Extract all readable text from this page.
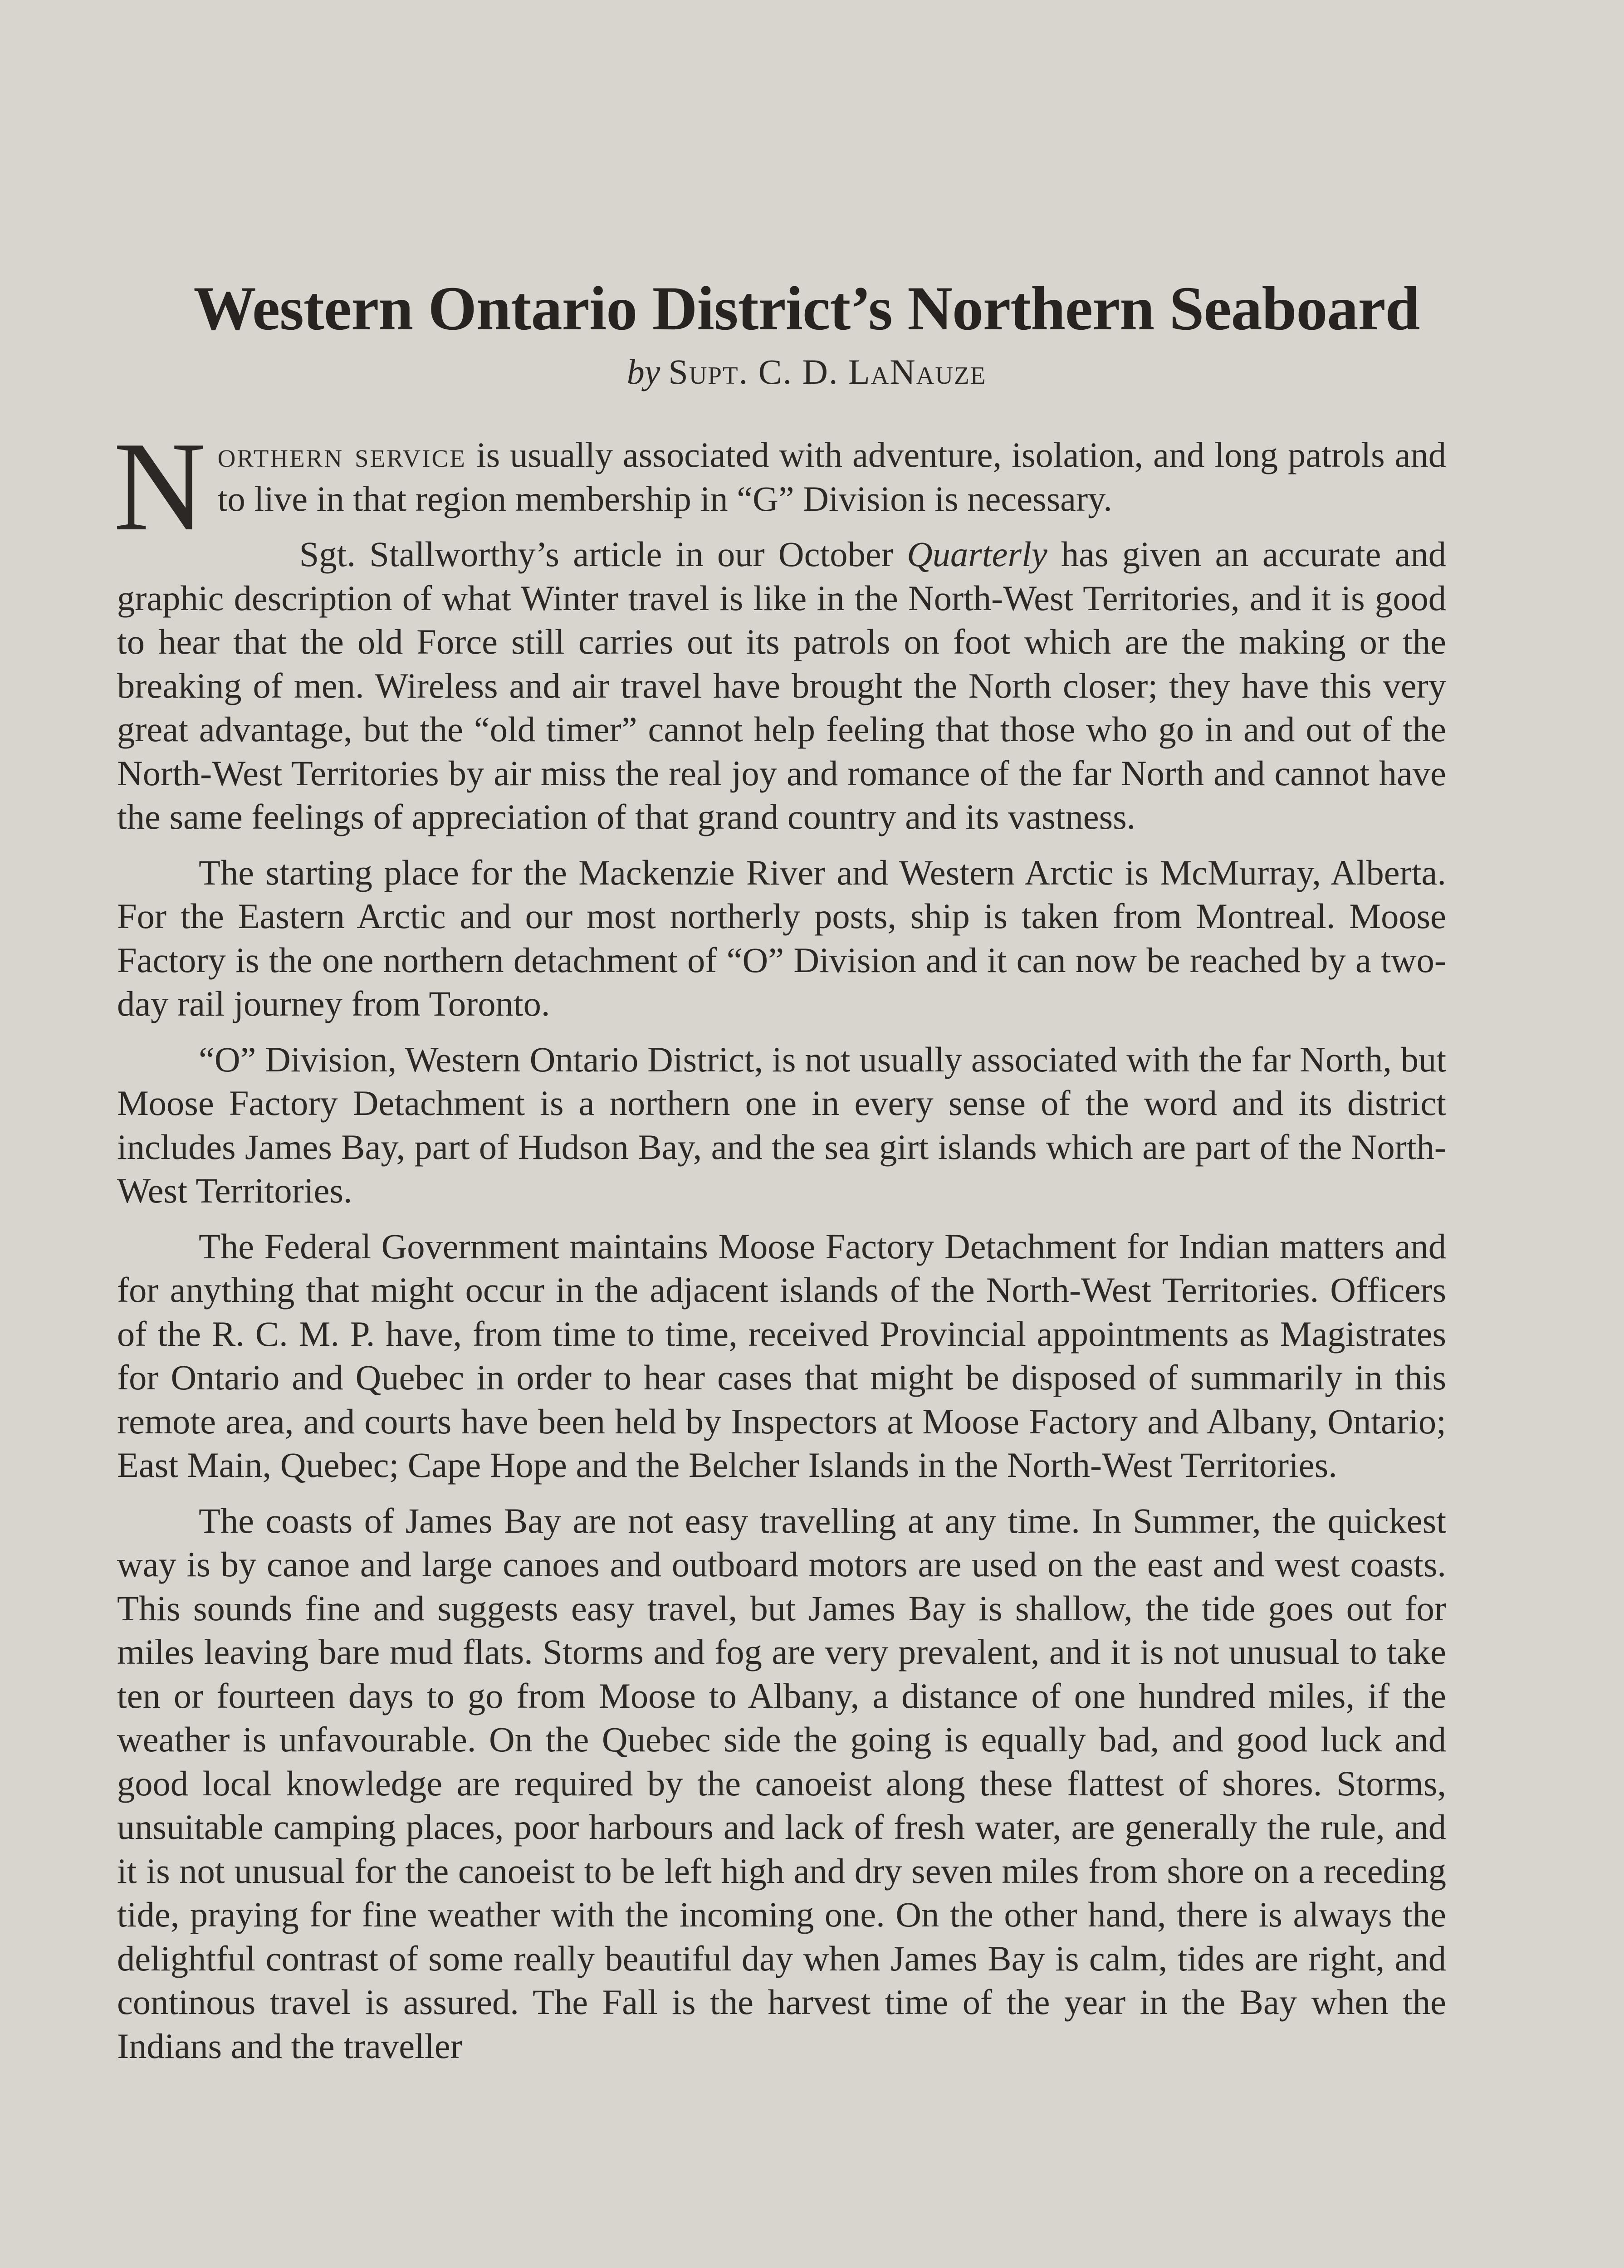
Western Ontario District’s Northern Seaboard
by Supt. C. D. LaNauze

Northern service is usually associated with adventure, isolation, and long patrols and to live in that region membership in “G” Division is necessary.

Sgt. Stallworthy’s article in our October Quarterly has given an accurate and graphic description of what Winter travel is like in the North-West Territories, and it is good to hear that the old Force still carries out its patrols on foot which are the making or the breaking of men. Wireless and air travel have brought the North closer; they have this very great advantage, but the “old timer” cannot help feeling that those who go in and out of the North-West Territories by air miss the real joy and romance of the far North and cannot have the same feelings of appreciation of that grand country and its vastness.

The starting place for the Mackenzie River and Western Arctic is McMurray, Alberta. For the Eastern Arctic and our most northerly posts, ship is taken from Montreal. Moose Factory is the one northern detachment of “O” Division and it can now be reached by a two-day rail journey from Toronto.

“O” Division, Western Ontario District, is not usually associated with the far North, but Moose Factory Detachment is a northern one in every sense of the word and its district includes James Bay, part of Hudson Bay, and the sea girt islands which are part of the North-West Territories.

The Federal Government maintains Moose Factory Detachment for Indian matters and for anything that might occur in the adjacent islands of the North-West Territories. Officers of the R. C. M. P. have, from time to time, received Provincial appointments as Magistrates for Ontario and Quebec in order to hear cases that might be disposed of summarily in this remote area, and courts have been held by Inspectors at Moose Factory and Albany, Ontario; East Main, Quebec; Cape Hope and the Belcher Islands in the North-West Territories.

The coasts of James Bay are not easy travelling at any time. In Summer, the quickest way is by canoe and large canoes and outboard motors are used on the east and west coasts. This sounds fine and suggests easy travel, but James Bay is shallow, the tide goes out for miles leaving bare mud flats. Storms and fog are very prevalent, and it is not unusual to take ten or fourteen days to go from Moose to Albany, a distance of one hundred miles, if the weather is unfavourable. On the Quebec side the going is equally bad, and good luck and good local knowledge are required by the canoeist along these flattest of shores. Storms, unsuitable camping places, poor harbours and lack of fresh water, are generally the rule, and it is not unusual for the canoeist to be left high and dry seven miles from shore on a receding tide, praying for fine weather with the incoming one. On the other hand, there is always the delightful contrast of some really beautiful day when James Bay is calm, tides are right, and continous travel is assured. The Fall is the harvest time of the year in the Bay when the Indians and the traveller
